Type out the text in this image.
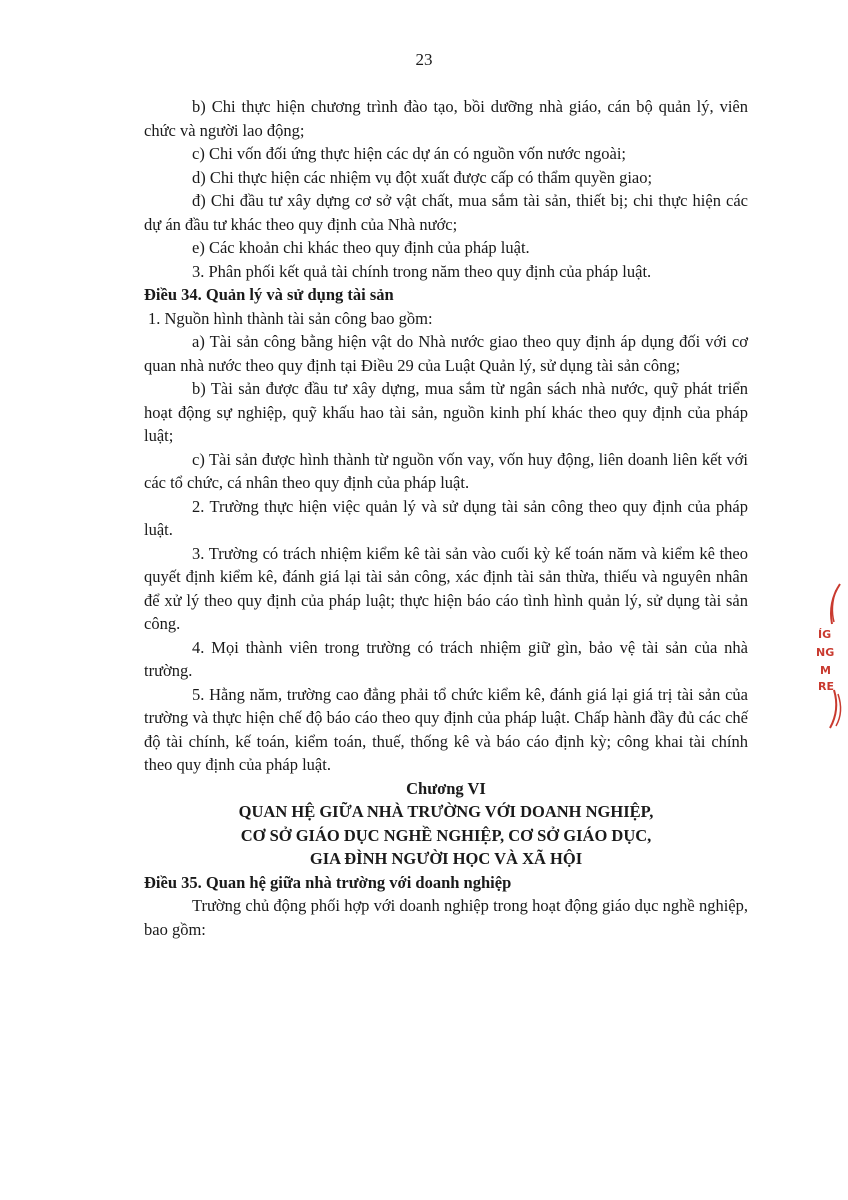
23

b) Chi thực hiện chương trình đào tạo, bồi dưỡng nhà giáo, cán bộ quản lý, viên chức và người lao động;

c) Chi vốn đối ứng thực hiện các dự án có nguồn vốn nước ngoài;

d) Chi thực hiện các nhiệm vụ đột xuất được cấp có thẩm quyền giao;

đ) Chi đầu tư xây dựng cơ sở vật chất, mua sắm tài sản, thiết bị; chi thực hiện các dự án đầu tư khác theo quy định của Nhà nước;

e) Các khoản chi khác theo quy định của pháp luật.

3. Phân phối kết quả tài chính trong năm theo quy định của pháp luật.

Điều 34. Quản lý và sử dụng tài sản

1. Nguồn hình thành tài sản công bao gồm:

a) Tài sản công bằng hiện vật do Nhà nước giao theo quy định áp dụng đối với cơ quan nhà nước theo quy định tại Điều 29 của Luật Quản lý, sử dụng tài sản công;

b) Tài sản được đầu tư xây dựng, mua sắm từ ngân sách nhà nước, quỹ phát triển hoạt động sự nghiệp, quỹ khấu hao tài sản, nguồn kinh phí khác theo quy định của pháp luật;

c) Tài sản được hình thành từ nguồn vốn vay, vốn huy động, liên doanh liên kết với các tổ chức, cá nhân theo quy định của pháp luật.

2. Trường thực hiện việc quản lý và sử dụng tài sản công theo quy định của pháp luật.

3. Trường có trách nhiệm kiểm kê tài sản vào cuối kỳ kế toán năm và kiểm kê theo quyết định kiểm kê, đánh giá lại tài sản công, xác định tài sản thừa, thiếu và nguyên nhân để xử lý theo quy định của pháp luật; thực hiện báo cáo tình hình quản lý, sử dụng tài sản công.

4. Mọi thành viên trong trường có trách nhiệm giữ gìn, bảo vệ tài sản của nhà trường.

5. Hằng năm, trường cao đẳng phải tổ chức kiểm kê, đánh giá lại giá trị tài sản của trường và thực hiện chế độ báo cáo theo quy định của pháp luật. Chấp hành đầy đủ các chế độ tài chính, kế toán, kiểm toán, thuế, thống kê và báo cáo định kỳ; công khai tài chính theo quy định của pháp luật.

Chương VI

QUAN HỆ GIỮA NHÀ TRƯỜNG VỚI DOANH NGHIỆP,

CƠ SỞ GIÁO DỤC NGHỀ NGHIỆP, CƠ SỞ GIÁO DỤC,

GIA ĐÌNH NGƯỜI HỌC VÀ XÃ HỘI

Điều 35. Quan hệ giữa nhà trường với doanh nghiệp

Trường chủ động phối hợp với doanh nghiệp trong hoạt động giáo dục nghề nghiệp, bao gồm:

ÍG
NG
M
RE
